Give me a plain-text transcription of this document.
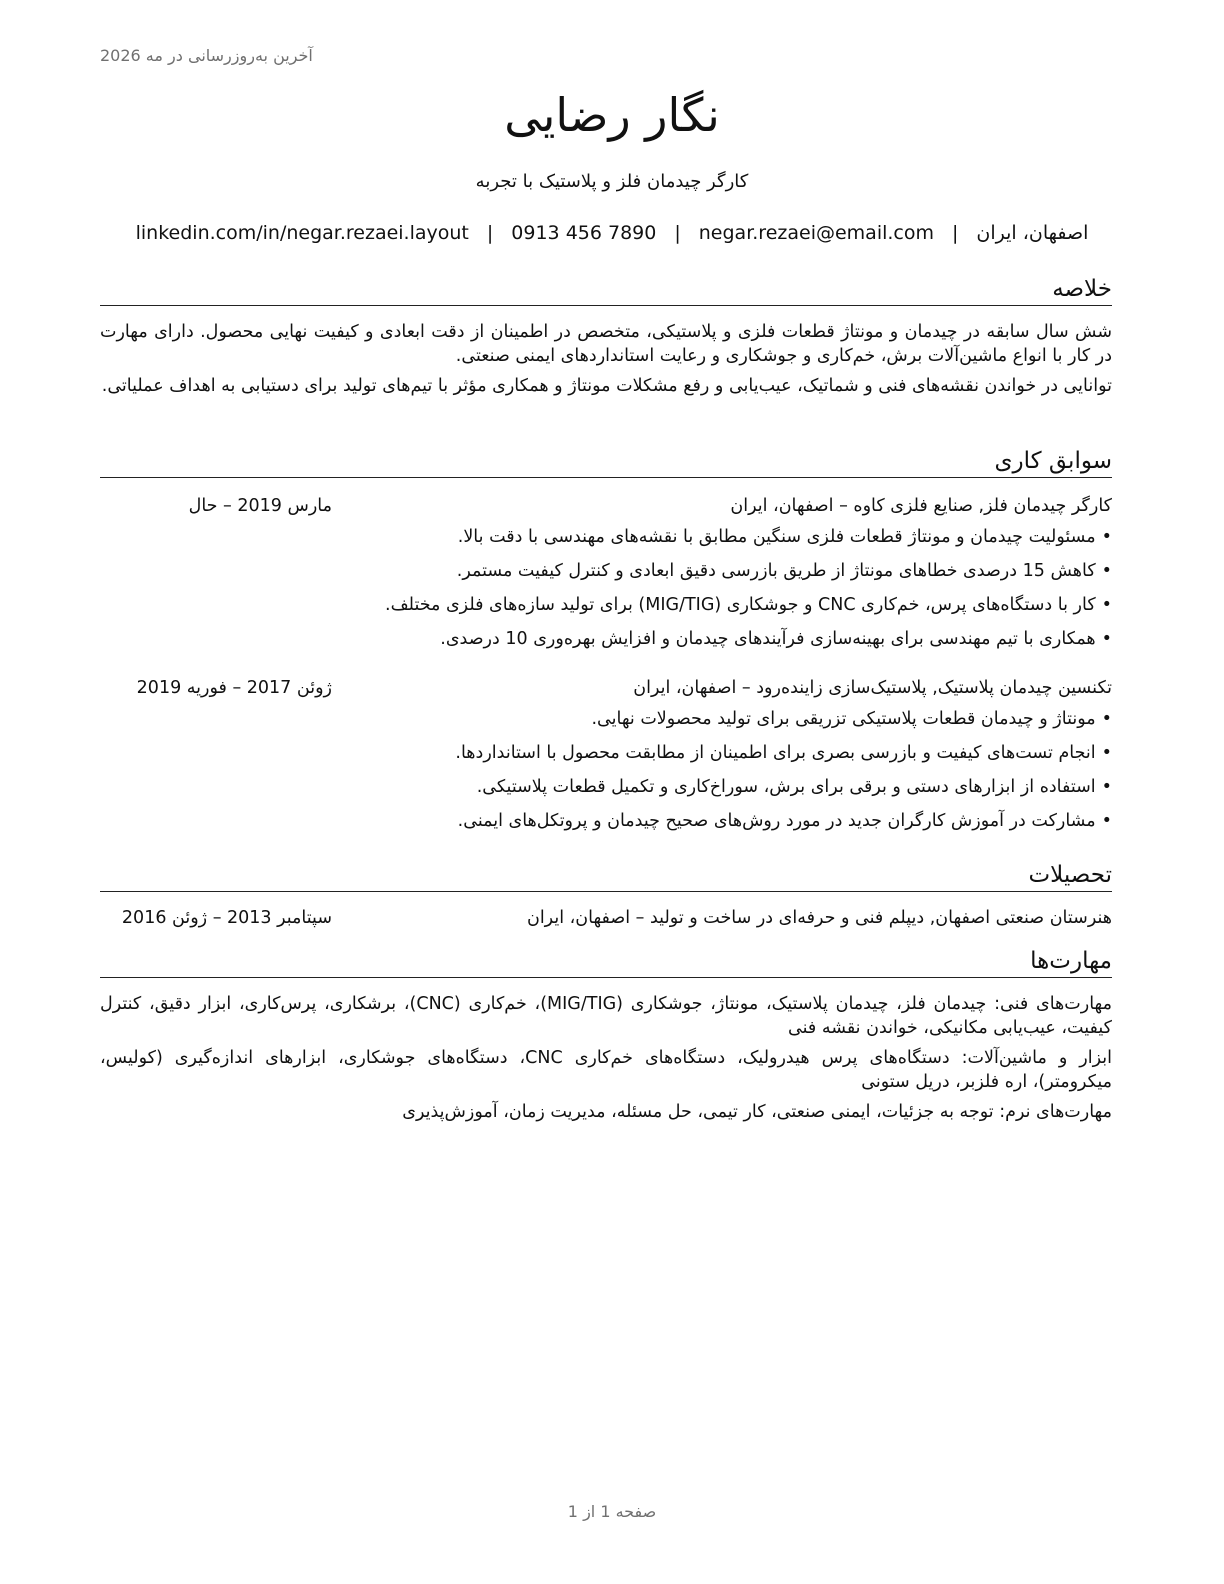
آخرین به‌روزرسانی در مه 2026
نگار رضایی
کارگر چیدمان فلز و پلاستیک با تجربه
اصفهان، ایران
|
negar.rezaei@email.com
|
0913 456 7890
|
linkedin.com/in/negar.rezaei.layout
خلاصه
شش سال سابقه در چیدمان و مونتاژ قطعات فلزی و پلاستیکی، متخصص در اطمینان از دقت ابعادی و کیفیت نهایی محصول. دارای مهارت در کار با انواع ماشین‌آلات برش، خم‌کاری و جوشکاری و رعایت استانداردهای ایمنی صنعتی.
توانایی در خواندن نقشه‌های فنی و شماتیک، عیب‌یابی و رفع مشکلات مونتاژ و همکاری مؤثر با تیم‌های تولید برای دستیابی به اهداف عملیاتی.
سوابق کاری
کارگر چیدمان فلز, صنایع فلزی کاوه – اصفهان، ایران
مارس 2019 – حال
•مسئولیت چیدمان و مونتاژ قطعات فلزی سنگین مطابق با نقشه‌های مهندسی با دقت بالا.
•کاهش 15 درصدی خطاهای مونتاژ از طریق بازرسی دقیق ابعادی و کنترل کیفیت مستمر.
•کار با دستگاه‌های پرس، خم‌کاری CNC و جوشکاری (MIG/TIG) برای تولید سازه‌های فلزی مختلف.
•همکاری با تیم مهندسی برای بهینه‌سازی فرآیندهای چیدمان و افزایش بهره‌وری 10 درصدی.
تکنسین چیدمان پلاستیک, پلاستیک‌سازی زاینده‌رود – اصفهان، ایران
ژوئن 2017 – فوریه 2019
•مونتاژ و چیدمان قطعات پلاستیکی تزریقی برای تولید محصولات نهایی.
•انجام تست‌های کیفیت و بازرسی بصری برای اطمینان از مطابقت محصول با استانداردها.
•استفاده از ابزارهای دستی و برقی برای برش، سوراخ‌کاری و تکمیل قطعات پلاستیکی.
•مشارکت در آموزش کارگران جدید در مورد روش‌های صحیح چیدمان و پروتکل‌های ایمنی.
تحصیلات
هنرستان صنعتی اصفهان, دیپلم فنی و حرفه‌ای در ساخت و تولید – اصفهان، ایران
سپتامبر 2013 – ژوئن 2016
مهارت‌ها
مهارت‌های فنی: چیدمان فلز، چیدمان پلاستیک، مونتاژ، جوشکاری (MIG/TIG)، خم‌کاری (CNC)، برشکاری، پرس‌کاری، ابزار دقیق، کنترل کیفیت، عیب‌یابی مکانیکی، خواندن نقشه فنی
ابزار و ماشین‌آلات: دستگاه‌های پرس هیدرولیک، دستگاه‌های خم‌کاری CNC، دستگاه‌های جوشکاری، ابزارهای اندازه‌گیری (کولیس، میکرومتر)، اره فلزبر، دریل ستونی
مهارت‌های نرم: توجه به جزئیات، ایمنی صنعتی، کار تیمی، حل مسئله، مدیریت زمان، آموزش‌پذیری
صفحه 1 از 1
